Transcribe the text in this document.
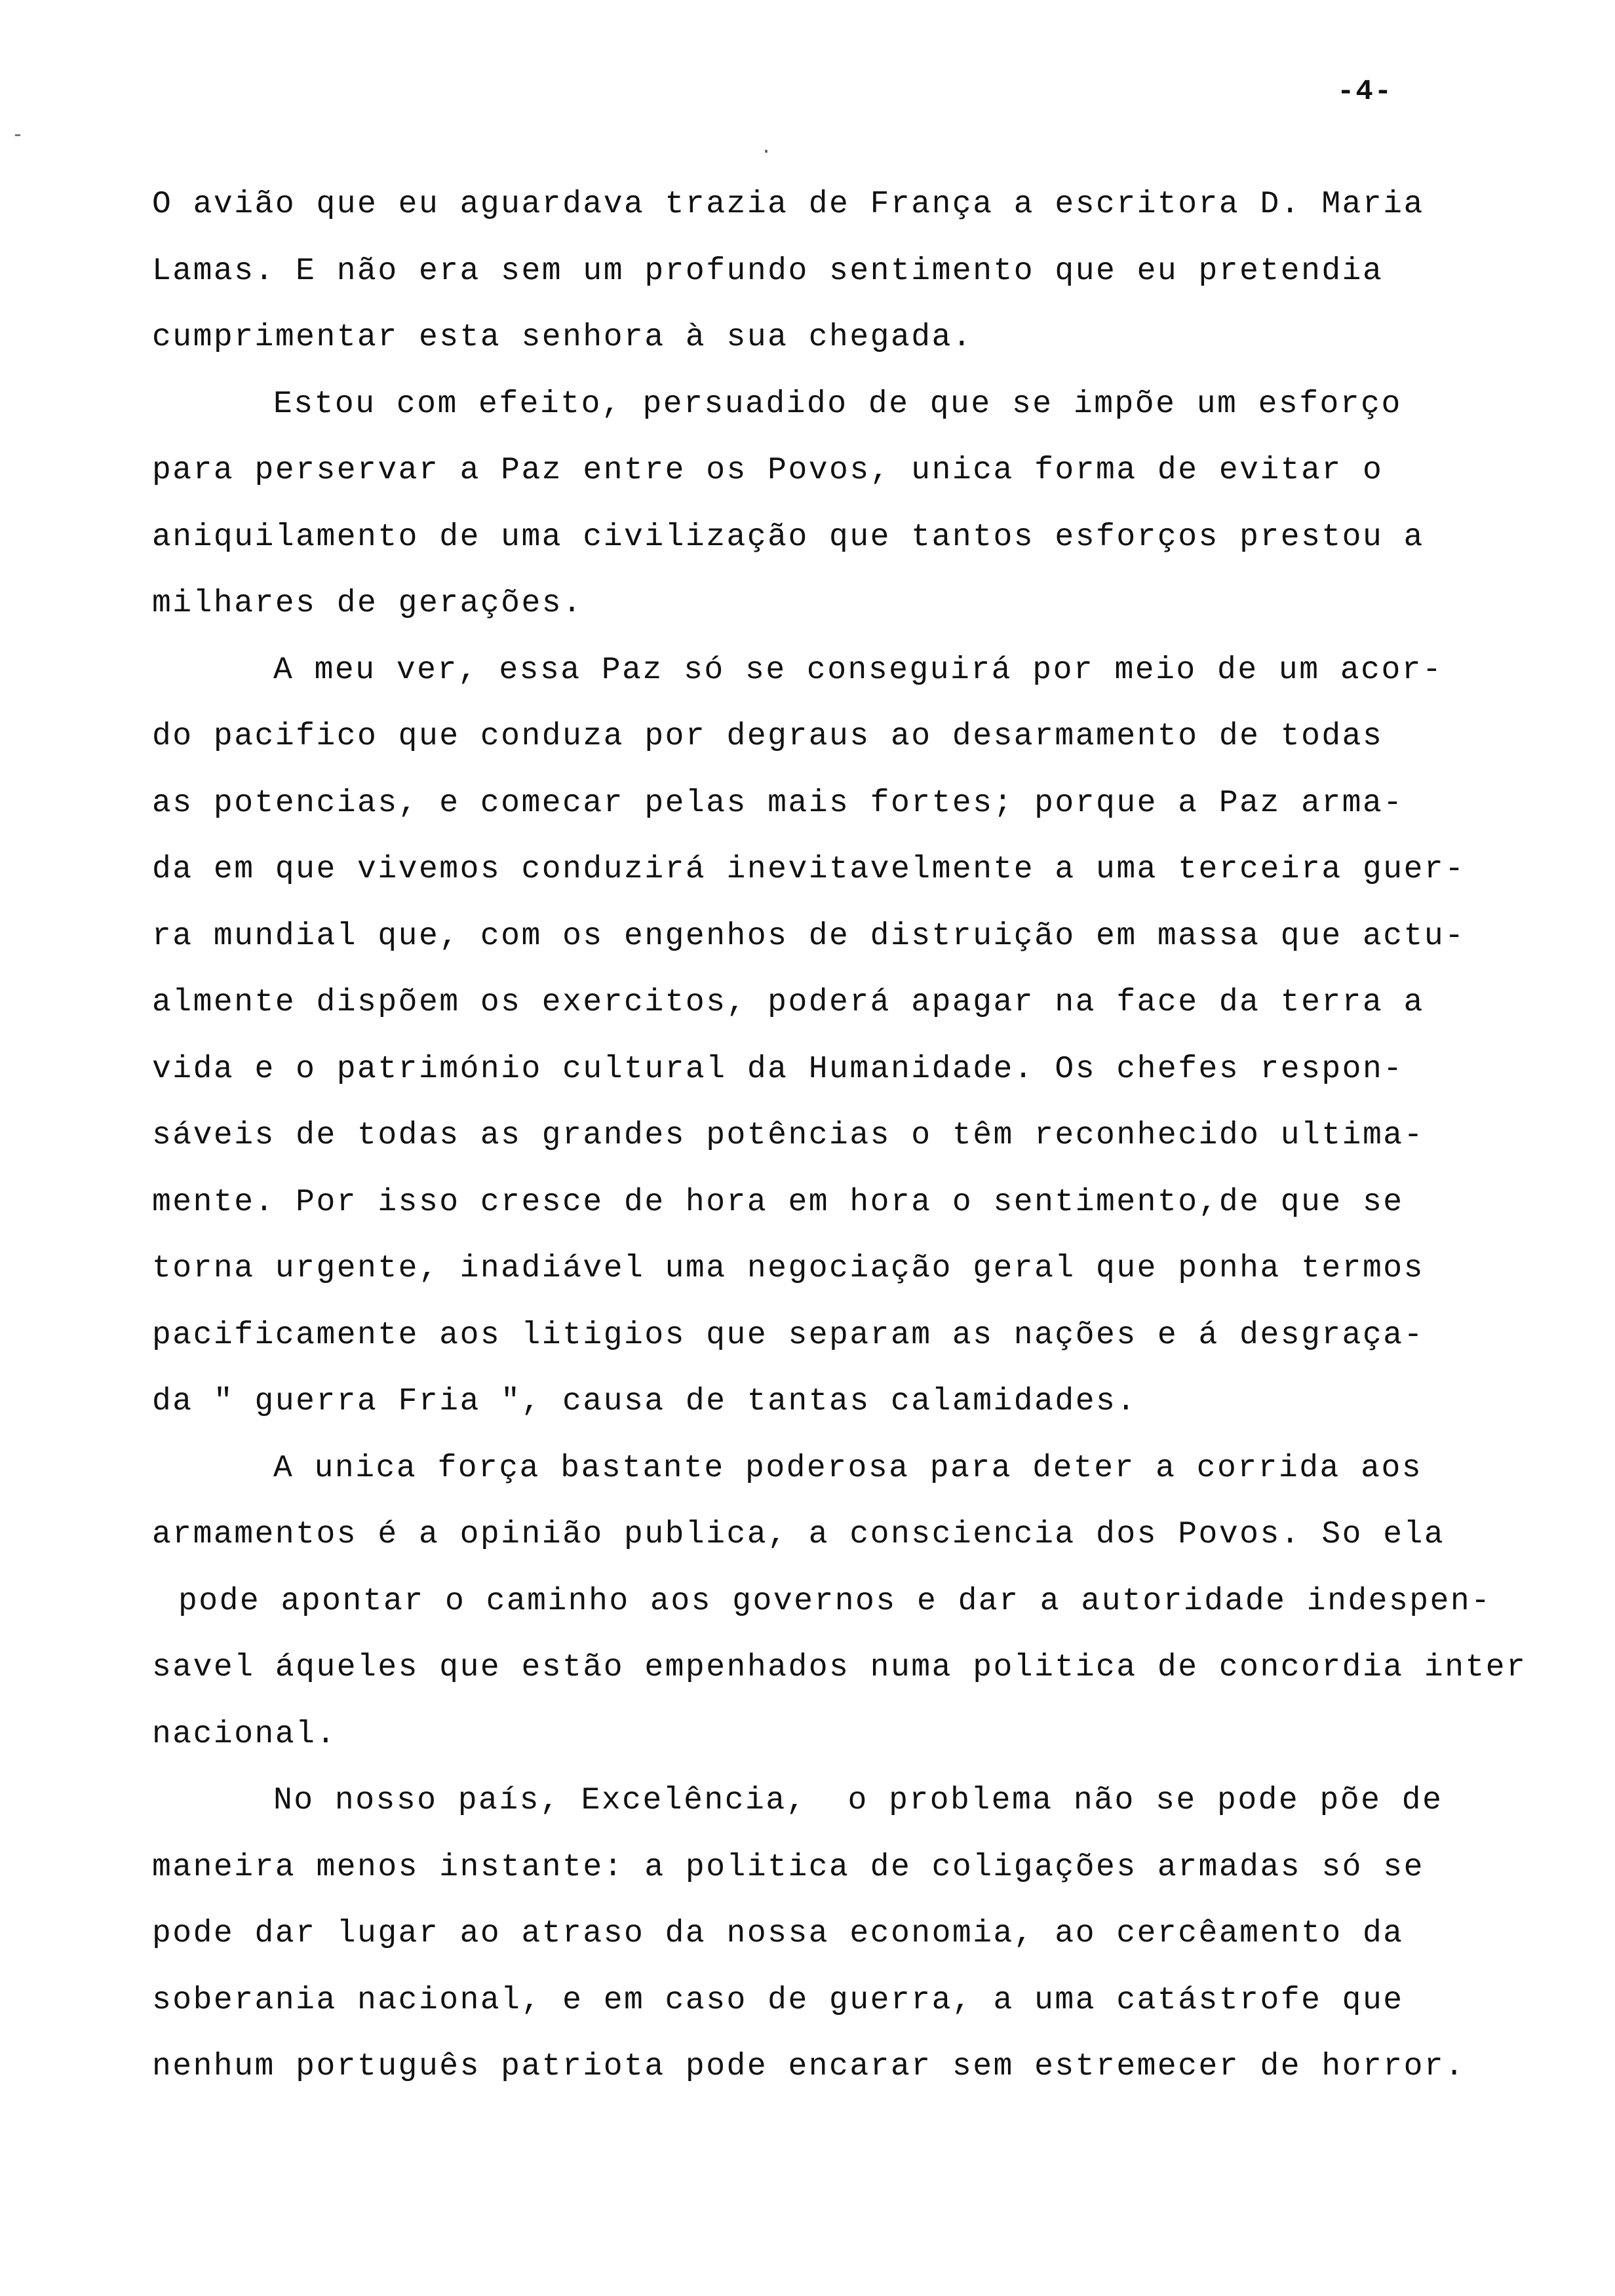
-4-
-
·
O avião que eu aguardava trazia de França a escritora D. Maria
Lamas. E não era sem um profundo sentimento que eu pretendia
cumprimentar esta senhora à sua chegada.
Estou com efeito, persuadido de que se impõe um esforço
para perservar a Paz entre os Povos, unica forma de evitar o
aniquilamento de uma civilização que tantos esforços prestou a
milhares de gerações.
A meu ver, essa Paz só se conseguirá por meio de um acor-
do pacifico que conduza por degraus ao desarmamento de todas
as potencias, e comecar pelas mais fortes; porque a Paz arma-
da em que vivemos conduzirá inevitavelmente a uma terceira guer-
ra mundial que, com os engenhos de distruição em massa que actu-
almente dispõem os exercitos, poderá apagar na face da terra a
vida e o património cultural da Humanidade. Os chefes respon-
sáveis de todas as grandes potências o têm reconhecido ultima-
mente. Por isso cresce de hora em hora o sentimento,de que se
torna urgente, inadiável uma negociação geral que ponha termos
pacificamente aos litigios que separam as nações e á desgraça-
da " guerra Fria ", causa de tantas calamidades.
A unica força bastante poderosa para deter a corrida aos
armamentos é a opinião publica, a consciencia dos Povos. So ela
pode apontar o caminho aos governos e dar a autoridade indespen-
savel áqueles que estão empenhados numa politica de concordia inter
nacional.
No nosso país, Excelência,  o problema não se pode põe de
maneira menos instante: a politica de coligações armadas só se
pode dar lugar ao atraso da nossa economia, ao cercêamento da
soberania nacional, e em caso de guerra, a uma catástrofe que
nenhum português patriota pode encarar sem estremecer de horror.
